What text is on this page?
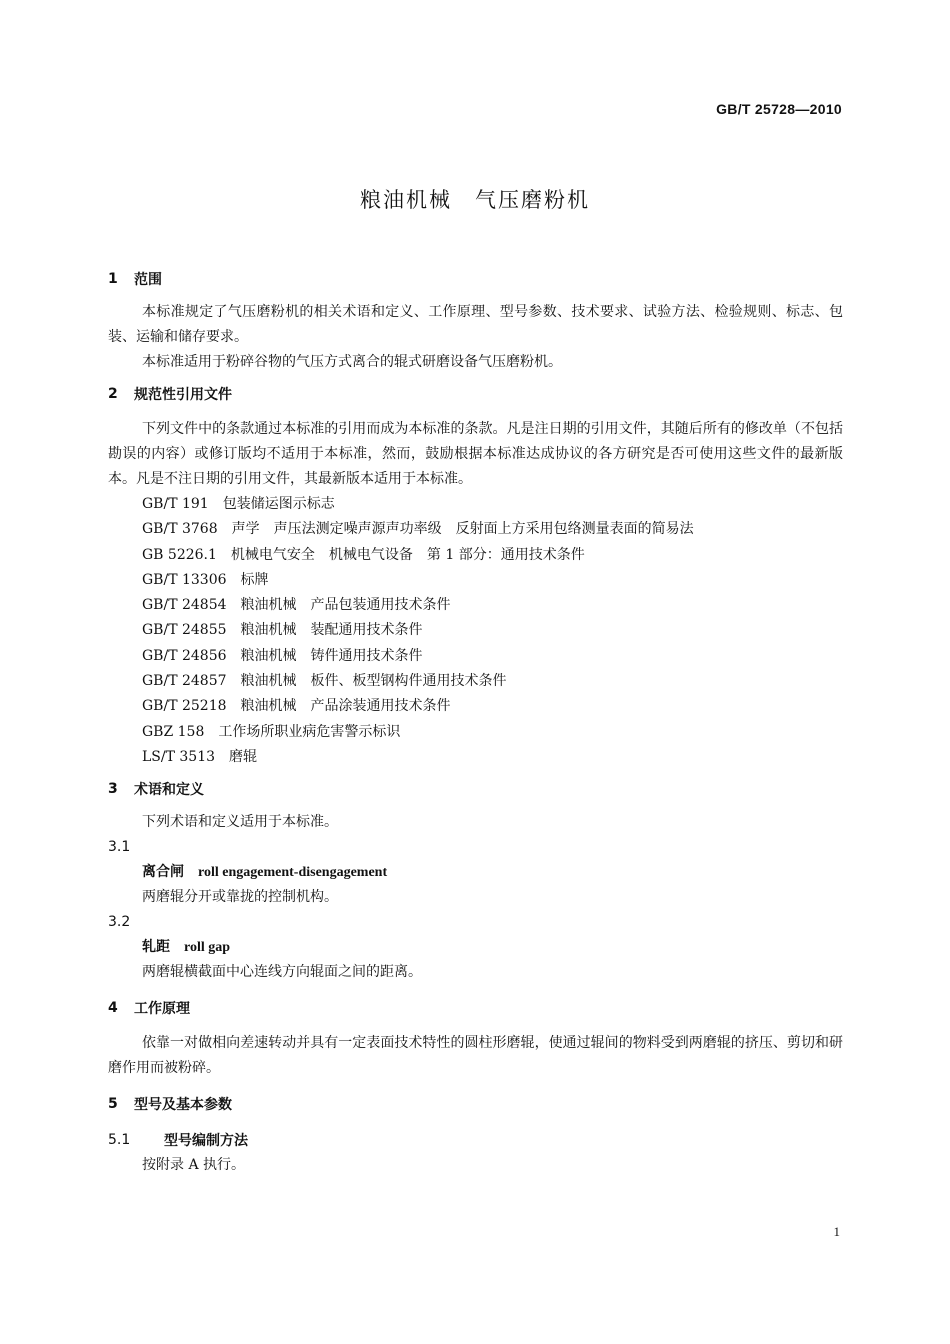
GB/T 25728—2010
粮油机械　气压磨粉机
1	范围

本标准规定了气压磨粉机的相关术语和定义、工作原理、型号参数、技术要求、试验方法、检验规则、标志、包装、运输和储存要求。

本标准适用于粉碎谷物的气压方式离合的辊式研磨设备气压磨粉机。

2	规范性引用文件

下列文件中的条款通过本标准的引用而成为本标准的条款。凡是注日期的引用文件，其随后所有的修改单（不包括勘误的内容）或修订版均不适用于本标准，然而，鼓励根据本标准达成协议的各方研究是否可使用这些文件的最新版本。凡是不注日期的引用文件，其最新版本适用于本标准。

GB/T 191　包装储运图示标志
GB/T 3768　声学　声压法测定噪声源声功率级　反射面上方采用包络测量表面的简易法
GB 5226.1　机械电气安全　机械电气设备　第 1 部分：通用技术条件
GB/T 13306　标牌
GB/T 24854　粮油机械　产品包装通用技术条件
GB/T 24855　粮油机械　装配通用技术条件
GB/T 24856　粮油机械　铸件通用技术条件
GB/T 24857　粮油机械　板件、板型钢构件通用技术条件
GB/T 25218　粮油机械　产品涂装通用技术条件
GBZ 158　工作场所职业病危害警示标识
LS/T 3513　磨辊
3	术语和定义

下列术语和定义适用于本标准。

3.1
离合闸 roll engagement-disengagement
两磨辊分开或靠拢的控制机构。
3.2
轧距 roll gap
两磨辊横截面中心连线方向辊面之间的距离。
4	工作原理

依靠一对做相向差速转动并具有一定表面技术特性的圆柱形磨辊，使通过辊间的物料受到两磨辊的挤压、剪切和研磨作用而被粉碎。

5	型号及基本参数
5.1	型号编制方法

按附录 A 执行。

1
